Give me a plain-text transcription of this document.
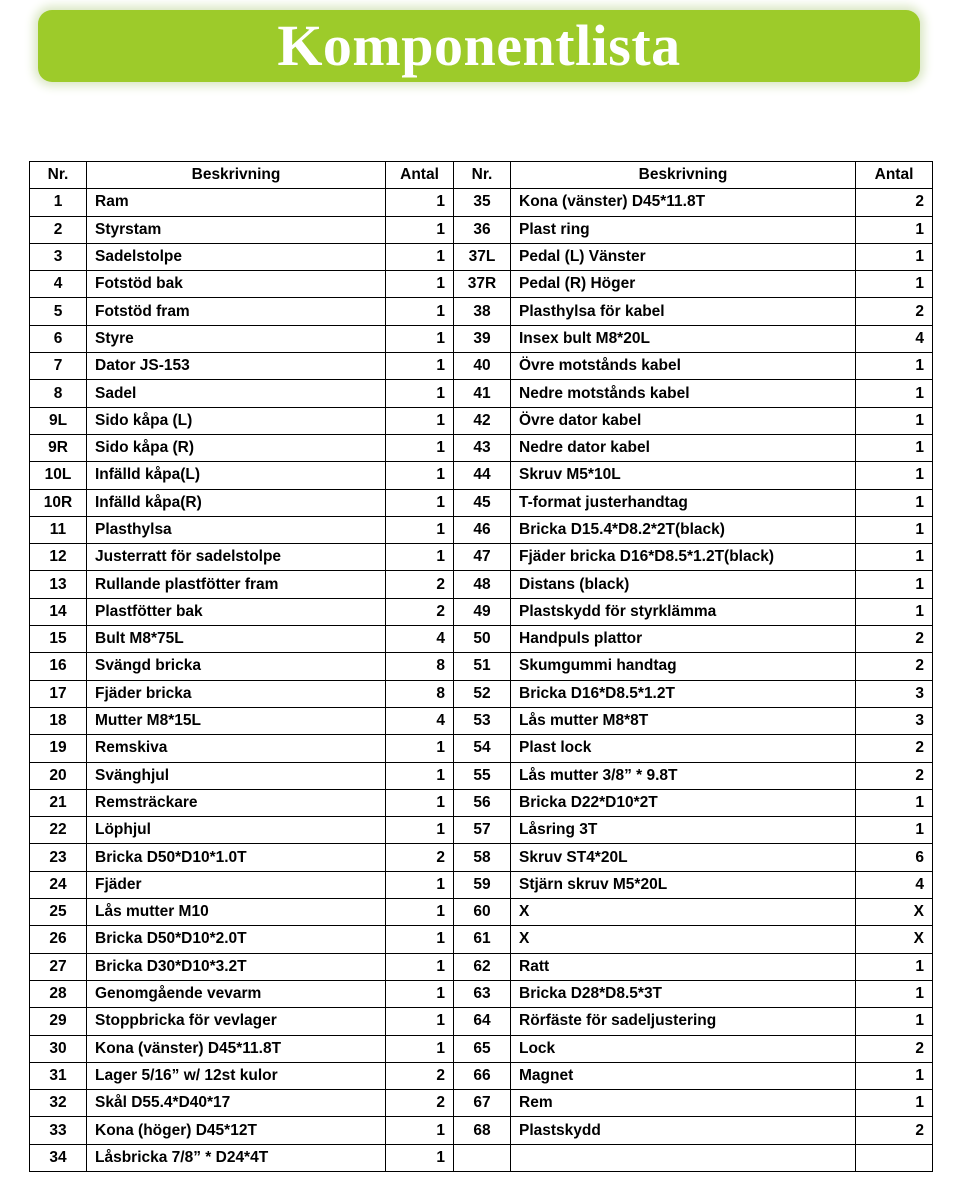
Komponentlista
Nr.	Beskrivning	Antal	Nr.	Beskrivning	Antal
1	Ram	1	35	Kona (vänster) D45*11.8T	2
2	Styrstam	1	36	Plast ring	1
3	Sadelstolpe	1	37L	Pedal (L) Vänster	1
4	Fotstöd bak	1	37R	Pedal (R) Höger	1
5	Fotstöd fram	1	38	Plasthylsa för kabel	2
6	Styre	1	39	Insex bult M8*20L	4
7	Dator JS-153	1	40	Övre motstånds kabel	1
8	Sadel	1	41	Nedre motstånds kabel	1
9L	Sido kåpa (L)	1	42	Övre dator kabel	1
9R	Sido kåpa (R)	1	43	Nedre dator kabel	1
10L	Infälld kåpa(L)	1	44	Skruv M5*10L	1
10R	Infälld kåpa(R)	1	45	T-format justerhandtag	1
11	Plasthylsa	1	46	Bricka D15.4*D8.2*2T(black)	1
12	Justerratt för sadelstolpe	1	47	Fjäder bricka D16*D8.5*1.2T(black)	1
13	Rullande plastfötter fram	2	48	Distans (black)	1
14	Plastfötter bak	2	49	Plastskydd för styrklämma	1
15	Bult M8*75L	4	50	Handpuls plattor	2
16	Svängd bricka	8	51	Skumgummi handtag	2
17	Fjäder bricka	8	52	Bricka D16*D8.5*1.2T	3
18	Mutter M8*15L	4	53	Lås mutter M8*8T	3
19	Remskiva	1	54	Plast lock	2
20	Svänghjul	1	55	Lås mutter 3/8” * 9.8T	2
21	Remsträckare	1	56	Bricka D22*D10*2T	1
22	Löphjul	1	57	Låsring 3T	1
23	Bricka D50*D10*1.0T	2	58	Skruv ST4*20L	6
24	Fjäder	1	59	Stjärn skruv M5*20L	4
25	Lås mutter M10	1	60	X	X
26	Bricka D50*D10*2.0T	1	61	X	X
27	Bricka D30*D10*3.2T	1	62	Ratt	1
28	Genomgående vevarm	1	63	Bricka D28*D8.5*3T	1
29	Stoppbricka för vevlager	1	64	Rörfäste för sadeljustering	1
30	Kona (vänster) D45*11.8T	1	65	Lock	2
31	Lager 5/16” w/ 12st kulor	2	66	Magnet	1
32	Skål D55.4*D40*17	2	67	Rem	1
33	Kona (höger) D45*12T	1	68	Plastskydd	2
34	Låsbricka 7/8” * D24*4T	1			
